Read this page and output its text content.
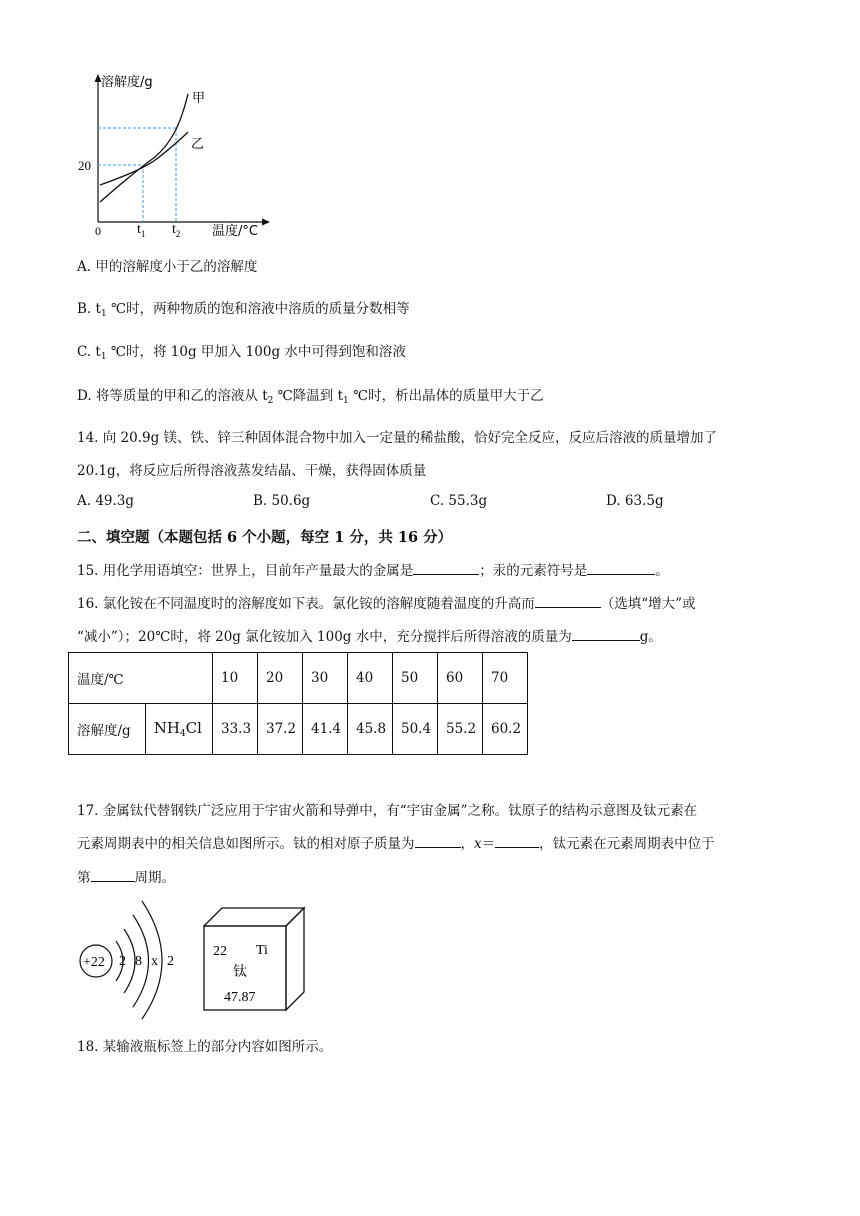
溶解度/g
甲
乙
20
0	$t_1$ $t_2$ 温度/°C
A. 甲的溶解度小于乙的溶解度
B. $t_1$ ℃时，两种物质的饱和溶液中溶质的质量分数相等
C. $t_1$ ℃时，将 10g 甲加入 100g 水中可得到饱和溶液
D. 将等质量的甲和乙的溶液从 $t_2$ ℃降温到 $t_1$ ℃时，析出晶体的质量甲大于乙
14. 向 20.9g 镁、铁、锌三种固体混合物中加入一定量的稀盐酸，恰好完全反应，反应后溶液的质量增加了
20.1g，将反应后所得溶液蒸发结晶、干燥，获得固体质量
A. 49.3g	B. 50.6g	C. 55.3g	D. 63.5g
二、填空题（本题包括 6 个小题，每空 1 分，共 16 分）
15. 用化学用语填空：世界上，目前年产量最大的金属是	；汞的元素符号是	。
16. 氯化铵在不同温度时的溶解度如下表。氯化铵的溶解度随着温度的升高而	（选填“增大”或
“减小”）；20℃时，将 20g 氯化铵加入 100g 水中，充分搅拌后所得溶液的质量为	g。
温度/℃		10	20	30	40	50	60	70
溶解度/g	$NH_4Cl$	33.3	37.2	41.4	45.8	50.4	55.2	60.2
17. 金属钛代替钢铁广泛应用于宇宙火箭和导弹中，有“宇宙金属”之称。钛原子的结构示意图及钛元素在
元素周期表中的相关信息如图所示。钛的相对原子质量为	，x＝	，钛元素在元素周期表中位于
第	周期。
+22 2 8 x 2
22 Ti
钛
47.87
18. 某输液瓶标签上的部分内容如图所示。
